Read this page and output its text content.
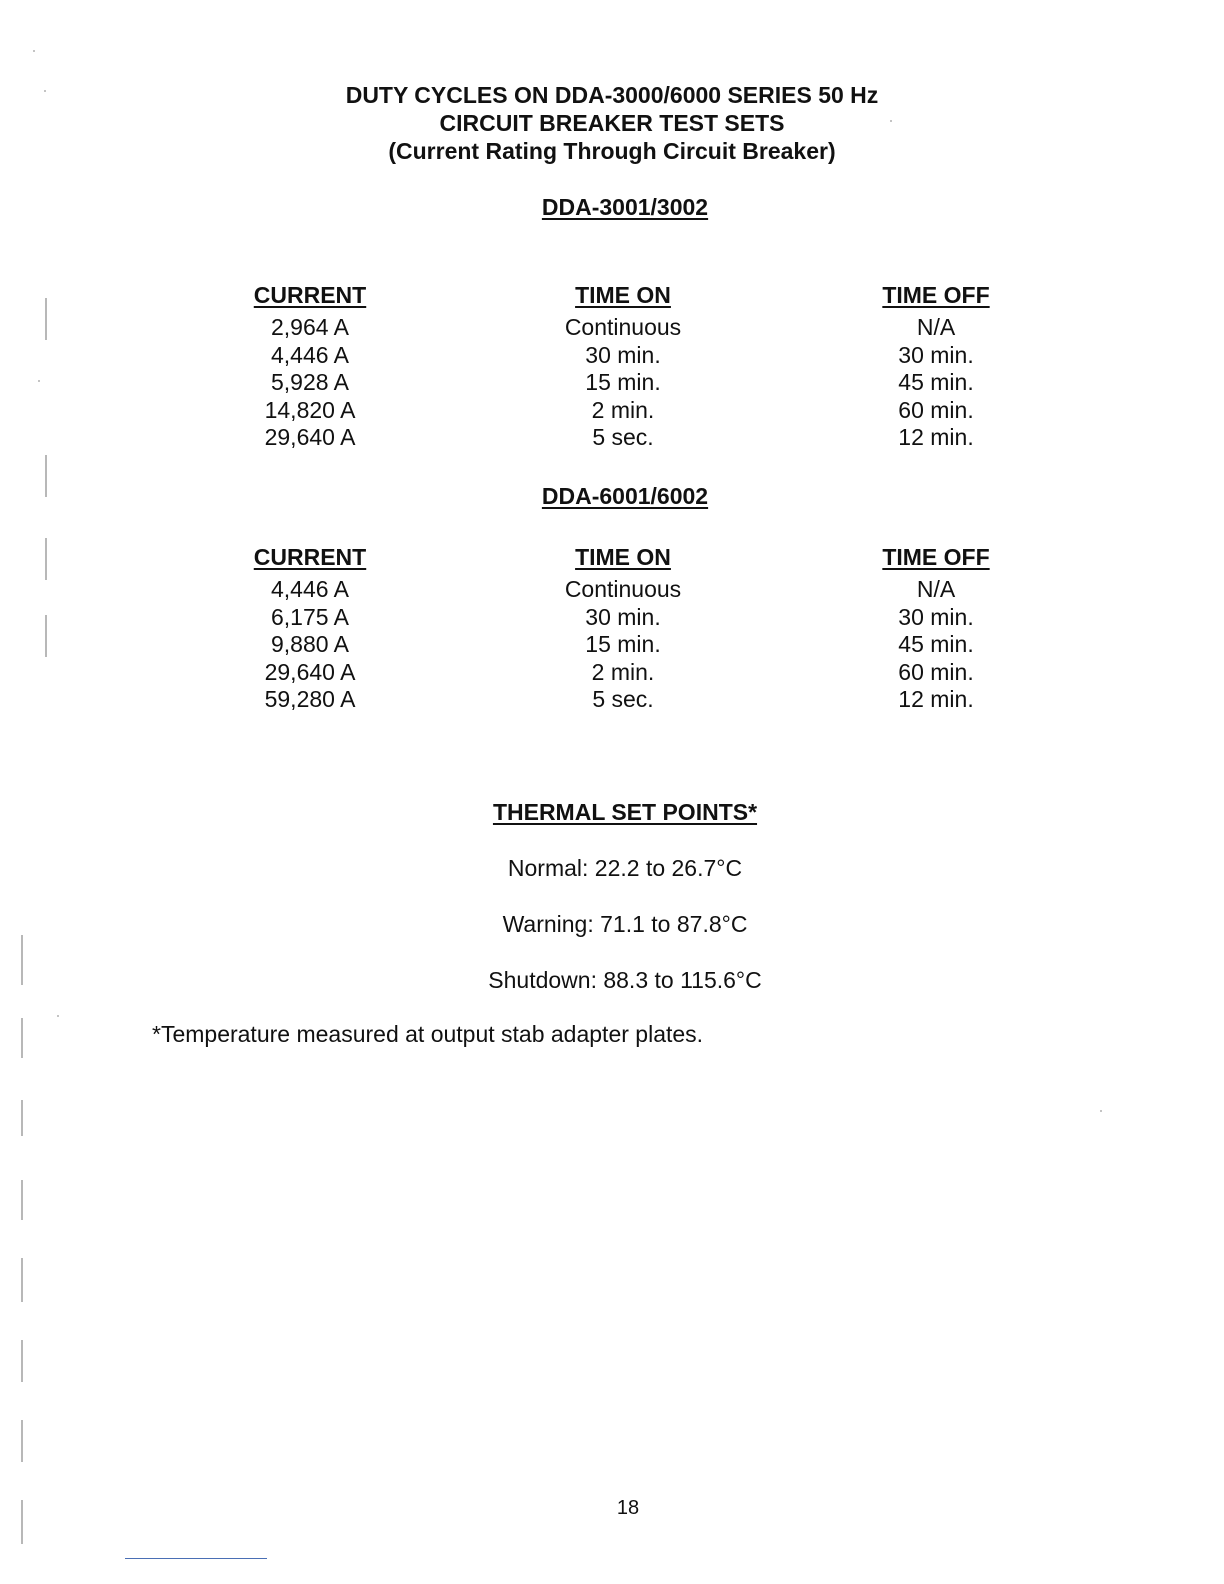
DUTY CYCLES ON DDA-3000/6000 SERIES 50 Hz
CIRCUIT BREAKER TEST SETS
(Current Rating Through Circuit Breaker)
DDA-3001/3002
CURRENT
2,964 A
4,446 A
5,928 A
14,820 A
29,640 A
TIME ON
Continuous
30 min.
15 min.
2 min.
5 sec.
TIME OFF
N/A
30 min.
45 min.
60 min.
12 min.
DDA-6001/6002
CURRENT
4,446 A
6,175 A
9,880 A
29,640 A
59,280 A
TIME ON
Continuous
30 min.
15 min.
2 min.
5 sec.
TIME OFF
N/A
30 min.
45 min.
60 min.
12 min.
THERMAL SET POINTS*
Normal: 22.2 to 26.7°C
Warning: 71.1 to 87.8°C
Shutdown: 88.3 to 115.6°C
*Temperature measured at output stab adapter plates.
18
